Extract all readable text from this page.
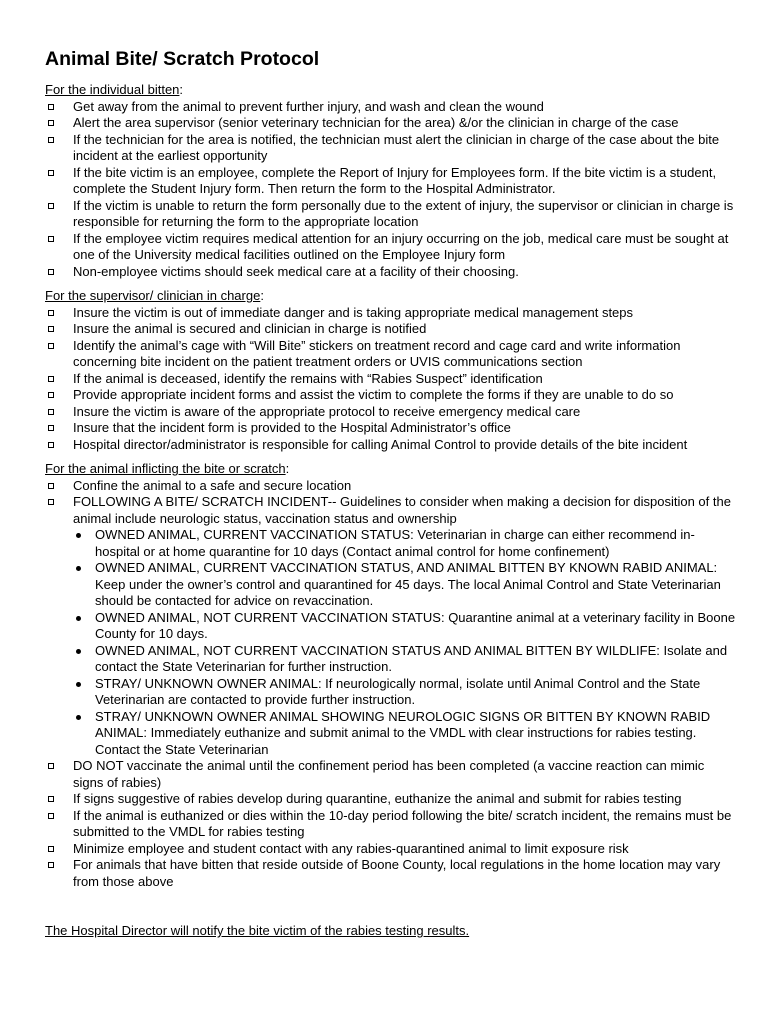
Animal Bite/ Scratch Protocol

For the individual bitten:

Get away from the animal to prevent further injury, and wash and clean the wound
Alert the area supervisor (senior veterinary technician for the area) &/or the clinician in charge of the case
If the technician for the area is notified, the technician must alert the clinician in charge of the case about the bite incident at the earliest opportunity
If the bite victim is an employee, complete the Report of Injury for Employees form. If the bite victim is a student, complete the Student Injury form. Then return the form to the Hospital Administrator.
If the victim is unable to return the form personally due to the extent of injury, the supervisor or clinician in charge is responsible for returning the form to the appropriate location
If the employee victim requires medical attention for an injury occurring on the job, medical care must be sought at one of the University medical facilities outlined on the Employee Injury form
Non-employee victims should seek medical care at a facility of their choosing.

For the supervisor/ clinician in charge:

Insure the victim is out of immediate danger and is taking appropriate medical management steps
Insure the animal is secured and clinician in charge is notified
Identify the animal’s cage with “Will Bite” stickers on treatment record and cage card and write information concerning bite incident on the patient treatment orders or UVIS communications section
If the animal is deceased, identify the remains with “Rabies Suspect” identification
Provide appropriate incident forms and assist the victim to complete the forms if they are unable to do so
Insure the victim is aware of the appropriate protocol to receive emergency medical care
Insure that the incident form is provided to the Hospital Administrator’s office
Hospital director/administrator is responsible for calling Animal Control to provide details of the bite incident

For the animal inflicting the bite or scratch:

Confine the animal to a safe and secure location
FOLLOWING A BITE/ SCRATCH INCIDENT-- Guidelines to consider when making a decision for disposition of the animal include neurologic status, vaccination status and ownership
OWNED ANIMAL, CURRENT VACCINATION STATUS: Veterinarian in charge can either recommend in-hospital or at home quarantine for 10 days (Contact animal control for home confinement)
OWNED ANIMAL, CURRENT VACCINATION STATUS, AND ANIMAL BITTEN BY KNOWN RABID ANIMAL: Keep under the owner’s control and quarantined for 45 days. The local Animal Control and State Veterinarian should be contacted for advice on revaccination.
OWNED ANIMAL, NOT CURRENT VACCINATION STATUS: Quarantine animal at a veterinary facility in Boone County for 10 days.
OWNED ANIMAL, NOT CURRENT VACCINATION STATUS AND ANIMAL BITTEN BY WILDLIFE: Isolate and contact the State Veterinarian for further instruction.
STRAY/ UNKNOWN OWNER ANIMAL: If neurologically normal, isolate until Animal Control and the State Veterinarian are contacted to provide further instruction.
STRAY/ UNKNOWN OWNER ANIMAL SHOWING NEUROLOGIC SIGNS OR BITTEN BY KNOWN RABID ANIMAL: Immediately euthanize and submit animal to the VMDL with clear instructions for rabies testing. Contact the State Veterinarian
DO NOT vaccinate the animal until the confinement period has been completed (a vaccine reaction can mimic signs of rabies)
If signs suggestive of rabies develop during quarantine, euthanize the animal and submit for rabies testing
If the animal is euthanized or dies within the 10-day period following the bite/ scratch incident, the remains must be submitted to the VMDL for rabies testing
Minimize employee and student contact with any rabies-quarantined animal to limit exposure risk
For animals that have bitten that reside outside of Boone County, local regulations in the home location may vary from those above

The Hospital Director will notify the bite victim of the rabies testing results.
